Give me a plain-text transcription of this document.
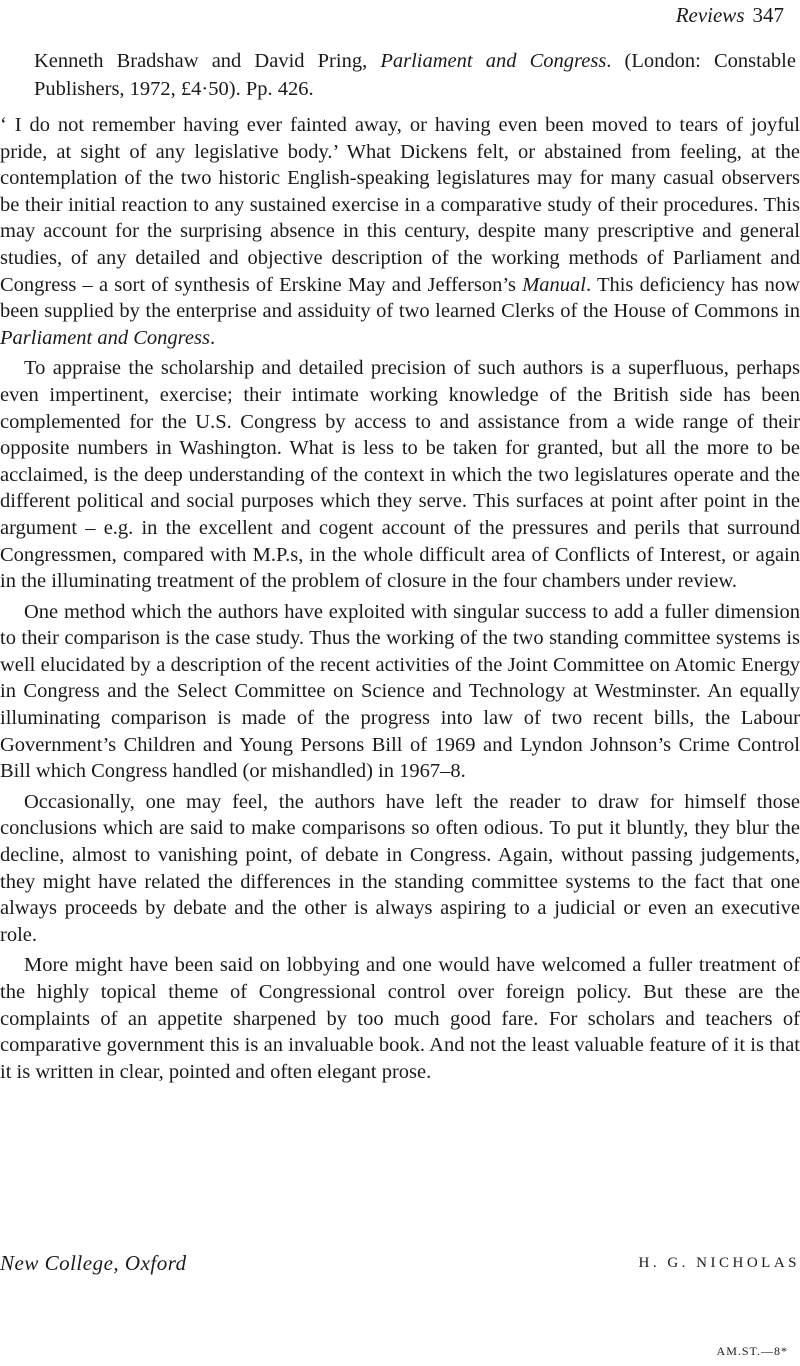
Reviews 347
Kenneth Bradshaw and David Pring, Parliament and Congress. (London: Constable Publishers, 1972, £4·50). Pp. 426.

‘ I do not remember having ever fainted away, or having even been moved to tears of joyful pride, at sight of any legislative body.’ What Dickens felt, or abstained from feeling, at the contemplation of the two historic English-speaking legislatures may for many casual observers be their initial reaction to any sustained exercise in a comparative study of their procedures. This may account for the surprising absence in this century, despite many prescriptive and general studies, of any detailed and objective description of the working methods of Parliament and Congress – a sort of synthesis of Erskine May and Jefferson’s Manual. This deficiency has now been supplied by the enterprise and assiduity of two learned Clerks of the House of Commons in Parliament and Congress.

To appraise the scholarship and detailed precision of such authors is a superfluous, perhaps even impertinent, exercise; their intimate working knowledge of the British side has been complemented for the U.S. Congress by access to and assistance from a wide range of their opposite numbers in Washington. What is less to be taken for granted, but all the more to be acclaimed, is the deep understanding of the context in which the two legislatures operate and the different political and social purposes which they serve. This surfaces at point after point in the argument – e.g. in the excellent and cogent account of the pressures and perils that surround Congressmen, compared with M.P.s, in the whole difficult area of Conflicts of Interest, or again in the illuminating treatment of the problem of closure in the four chambers under review.

One method which the authors have exploited with singular success to add a fuller dimension to their comparison is the case study. Thus the working of the two standing committee systems is well elucidated by a description of the recent activities of the Joint Committee on Atomic Energy in Congress and the Select Committee on Science and Technology at Westminster. An equally illuminating comparison is made of the progress into law of two recent bills, the Labour Government’s Children and Young Persons Bill of 1969 and Lyndon Johnson’s Crime Control Bill which Congress handled (or mishandled) in 1967–8.

Occasionally, one may feel, the authors have left the reader to draw for himself those conclusions which are said to make comparisons so often odious. To put it bluntly, they blur the decline, almost to vanishing point, of debate in Congress. Again, without passing judgements, they might have related the differences in the standing committee systems to the fact that one always proceeds by debate and the other is always aspiring to a judicial or even an executive role.

More might have been said on lobbying and one would have welcomed a fuller treatment of the highly topical theme of Congressional control over foreign policy. But these are the complaints of an appetite sharpened by too much good fare. For scholars and teachers of comparative government this is an invaluable book. And not the least valuable feature of it is that it is written in clear, pointed and often elegant prose.

New College, Oxford	H. G. NICHOLAS
AM.ST.—8*
